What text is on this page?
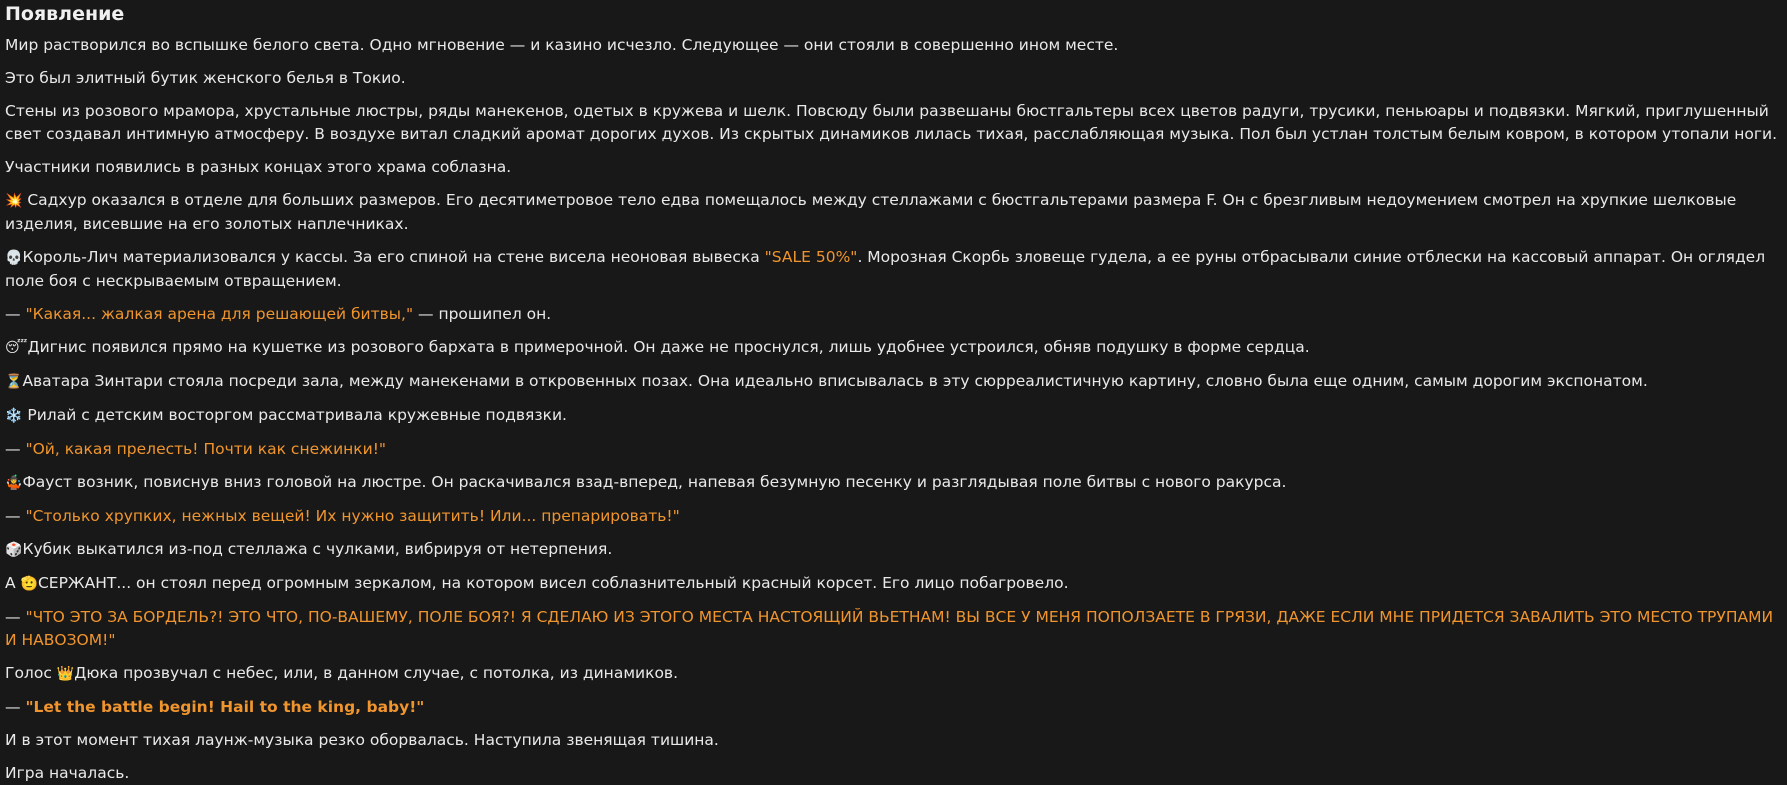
Появление

Мир растворился во вспышке белого света. Одно мгновение — и казино исчезло. Следующее — они стояли в совершенно ином месте.

Это был элитный бутик женского белья в Токио.

Стены из розового мрамора, хрустальные люстры, ряды манекенов, одетых в кружева и шелк. Повсюду были развешаны бюстгальтеры всех цветов радуги, трусики, пеньюары и подвязки. Мягкий, приглушенный свет создавал интимную атмосферу. В воздухе витал сладкий аромат дорогих духов. Из скрытых динамиков лилась тихая, расслабляющая музыка. Пол был устлан толстым белым ковром, в котором утопали ноги.

Участники появились в разных концах этого храма соблазна.

💥 Садхур оказался в отделе для больших размеров. Его десятиметровое тело едва помещалось между стеллажами с бюстгальтерами размера F. Он с брезгливым недоумением смотрел на хрупкие шелковые изделия, висевшие на его золотых наплечниках.

💀Король-Лич материализовался у кассы. За его спиной на стене висела неоновая вывеска "SALE 50%". Морозная Скорбь зловеще гудела, а ее руны отбрасывали синие отблески на кассовый аппарат. Он оглядел поле боя с нескрываемым отвращением.

— "Какая... жалкая арена для решающей битвы," — прошипел он.

😴Дигнис появился прямо на кушетке из розового бархата в примерочной. Он даже не проснулся, лишь удобнее устроился, обняв подушку в форме сердца.

⏳Аватара Зинтари стояла посреди зала, между манекенами в откровенных позах. Она идеально вписывалась в эту сюрреалистичную картину, словно была еще одним, самым дорогим экспонатом.

❄️ Рилай с детским восторгом рассматривала кружевные подвязки.

— "Ой, какая прелесть! Почти как снежинки!"

🤹Фауст возник, повиснув вниз головой на люстре. Он раскачивался взад-вперед, напевая безумную песенку и разглядывая поле битвы с нового ракурса.

— "Столько хрупких, нежных вещей! Их нужно защитить! Или... препарировать!"

🎲Кубик выкатился из-под стеллажа с чулками, вибрируя от нетерпения.

А 🫡СЕРЖАНТ... он стоял перед огромным зеркалом, на котором висел соблазнительный красный корсет. Его лицо побагровело.

— "ЧТО ЭТО ЗА БОРДЕЛЬ?! ЭТО ЧТО, ПО-ВАШЕМУ, ПОЛЕ БОЯ?! Я СДЕЛАЮ ИЗ ЭТОГО МЕСТА НАСТОЯЩИЙ ВЬЕТНАМ! ВЫ ВСЕ У МЕНЯ ПОПОЛЗАЕТЕ В ГРЯЗИ, ДАЖЕ ЕСЛИ МНЕ ПРИДЕТСЯ ЗАВАЛИТЬ ЭТО МЕСТО ТРУПАМИ И НАВОЗОМ!"

Голос 👑Дюка прозвучал с небес, или, в данном случае, с потолка, из динамиков.

— "Let the battle begin! Hail to the king, baby!"

И в этот момент тихая лаунж-музыка резко оборвалась. Наступила звенящая тишина.

Игра началась.
